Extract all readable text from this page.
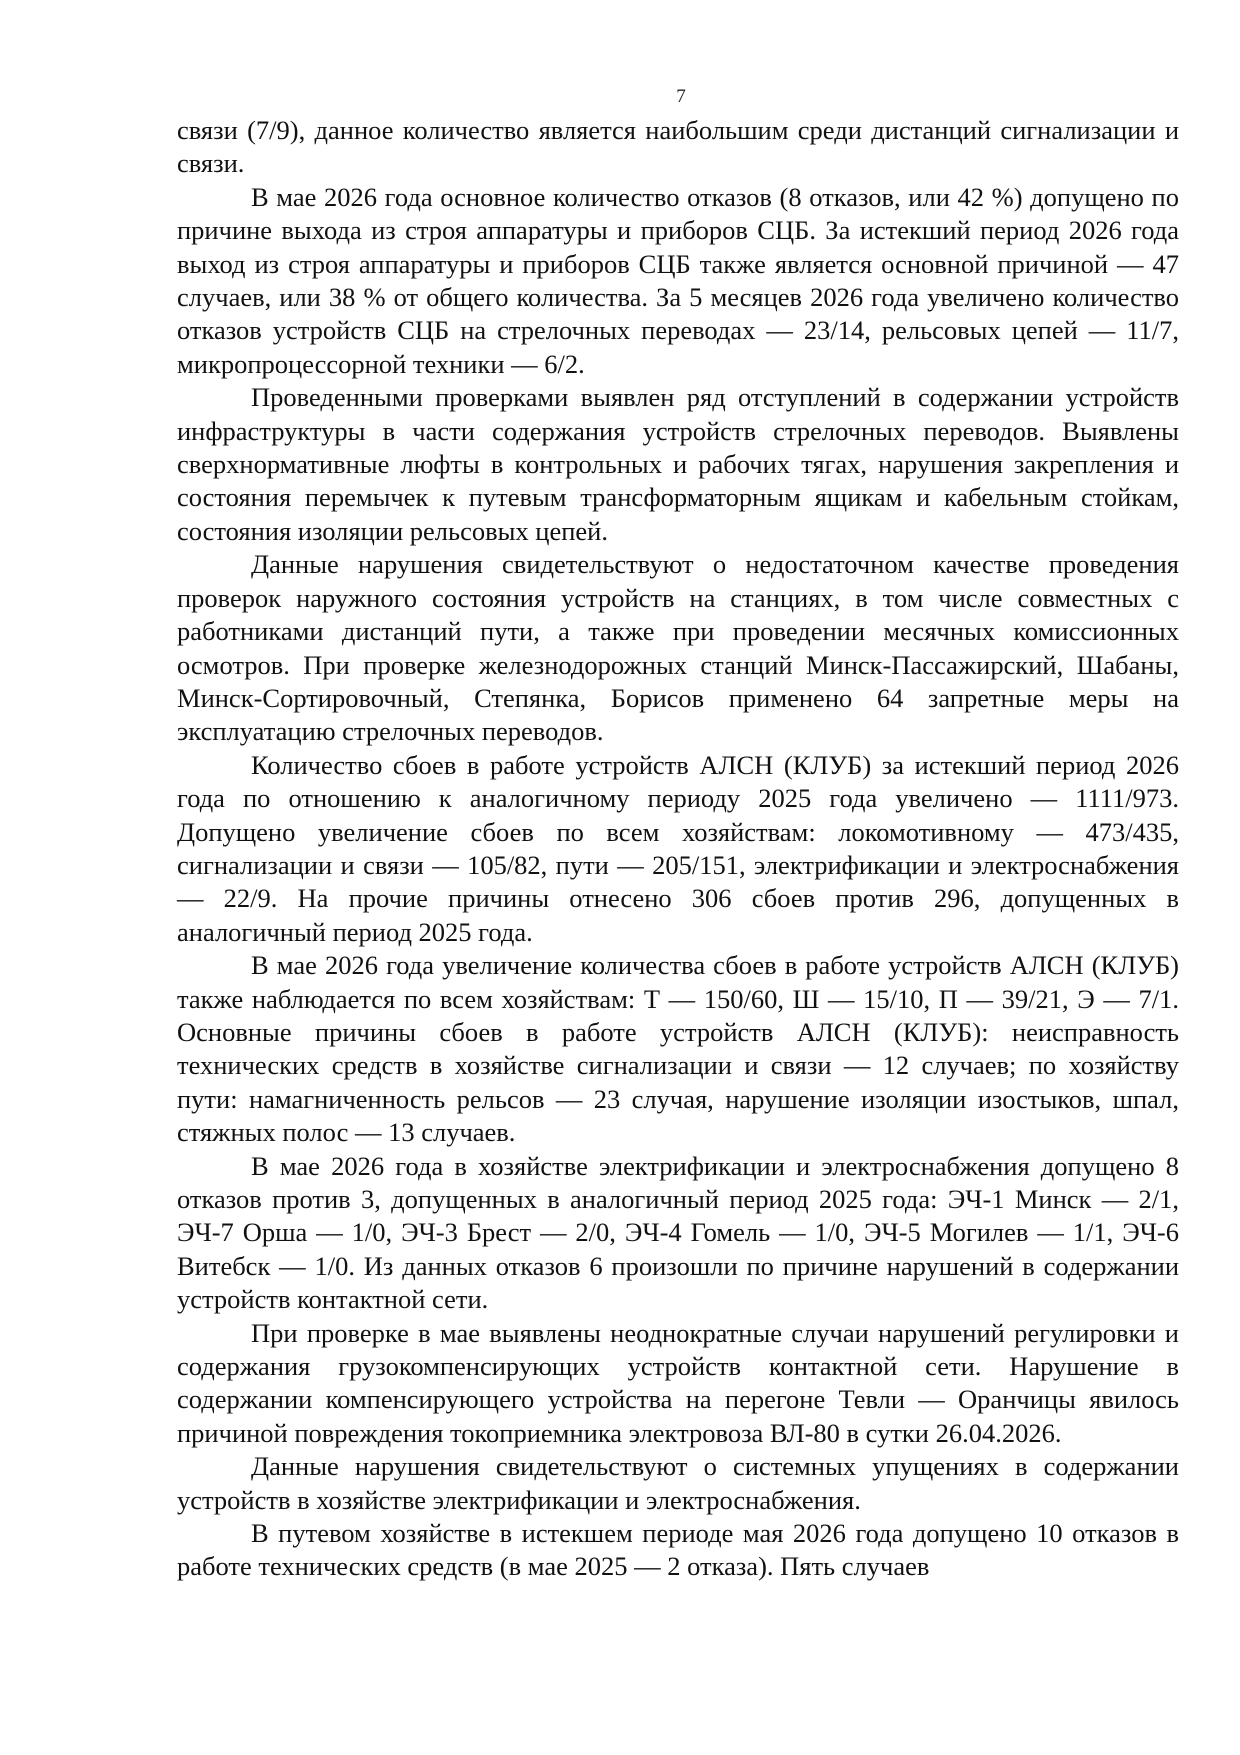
7

связи (7/9), данное количество является наибольшим среди дистанций сигнализации и связи.

В мае 2026 года основное количество отказов (8 отказов, или 42 %) допущено по причине выхода из строя аппаратуры и приборов СЦБ. За истекший период 2026 года выход из строя аппаратуры и приборов СЦБ также является основной причиной — 47 случаев, или 38 % от общего количества. За 5 месяцев 2026 года увеличено количество отказов устройств СЦБ на стрелочных переводах — 23/14, рельсовых цепей — 11/7, микропроцессорной техники — 6/2.

Проведенными проверками выявлен ряд отступлений в содержании устройств инфраструктуры в части содержания устройств стрелочных переводов. Выявлены сверхнормативные люфты в контрольных и рабочих тягах, нарушения закрепления и состояния перемычек к путевым трансформаторным ящикам и кабельным стойкам, состояния изоляции рельсовых цепей.

Данные нарушения свидетельствуют о недостаточном качестве проведения проверок наружного состояния устройств на станциях, в том числе совместных с работниками дистанций пути, а также при проведении месячных комиссионных осмотров. При проверке железнодорожных станций Минск-Пассажирский, Шабаны, Минск-Сортировочный, Степянка, Борисов применено 64 запретные меры на эксплуатацию стрелочных переводов.

Количество сбоев в работе устройств АЛСН (КЛУБ) за истекший период 2026 года по отношению к аналогичному периоду 2025 года увеличено — 1111/973. Допущено увеличение сбоев по всем хозяйствам: локомотивному — 473/435, сигнализации и связи — 105/82, пути — 205/151, электрификации и электроснабжения — 22/9. На прочие причины отнесено 306 сбоев против 296, допущенных в аналогичный период 2025 года.

В мае 2026 года увеличение количества сбоев в работе устройств АЛСН (КЛУБ) также наблюдается по всем хозяйствам: Т — 150/60, Ш — 15/10, П — 39/21, Э — 7/1. Основные причины сбоев в работе устройств АЛСН (КЛУБ): неисправность технических средств в хозяйстве сигнализации и связи — 12 случаев; по хозяйству пути: намагниченность рельсов — 23 случая, нарушение изоляции изостыков, шпал, стяжных полос — 13 случаев.

В мае 2026 года в хозяйстве электрификации и электроснабжения допущено 8 отказов против 3, допущенных в аналогичный период 2025 года: ЭЧ-1 Минск — 2/1, ЭЧ-7 Орша — 1/0, ЭЧ-3 Брест — 2/0, ЭЧ-4 Гомель — 1/0, ЭЧ-5 Могилев — 1/1, ЭЧ-6 Витебск — 1/0. Из данных отказов 6 произошли по причине нарушений в содержании устройств контактной сети.

При проверке в мае выявлены неоднократные случаи нарушений регулировки и содержания грузокомпенсирующих устройств контактной сети. Нарушение в содержании компенсирующего устройства на перегоне Тевли — Оранчицы явилось причиной повреждения токоприемника электровоза ВЛ-80 в сутки 26.04.2026.

Данные нарушения свидетельствуют о системных упущениях в содержании устройств в хозяйстве электрификации и электроснабжения.

В путевом хозяйстве в истекшем периоде мая 2026 года допущено 10 отказов в работе технических средств (в мае 2025 — 2 отказа). Пять случаев
